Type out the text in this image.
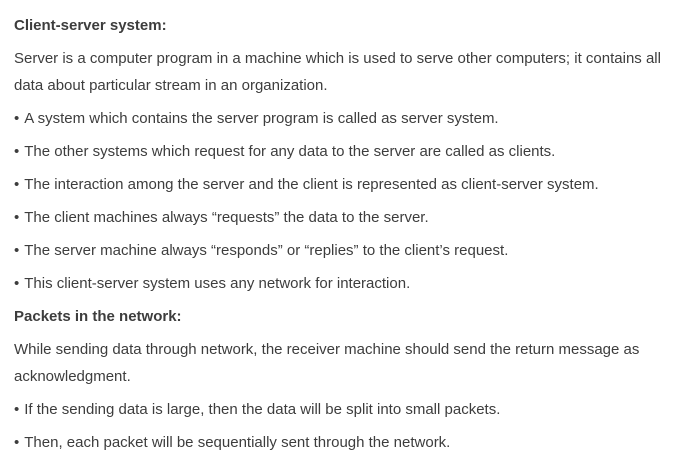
Client-server system:

Server is a computer program in a machine which is used to serve other computers; it contains all data about particular stream in an organization.

• A system which contains the server program is called as server system.

• The other systems which request for any data to the server are called as clients.

• The interaction among the server and the client is represented as client-server system.

• The client machines always “requests” the data to the server.

• The server machine always “responds” or “replies” to the client’s request.

• This client-server system uses any network for interaction.

Packets in the network:

While sending data through network, the receiver machine should send the return message as acknowledgment.

• If the sending data is large, then the data will be split into small packets.

• Then, each packet will be sequentially sent through the network.
